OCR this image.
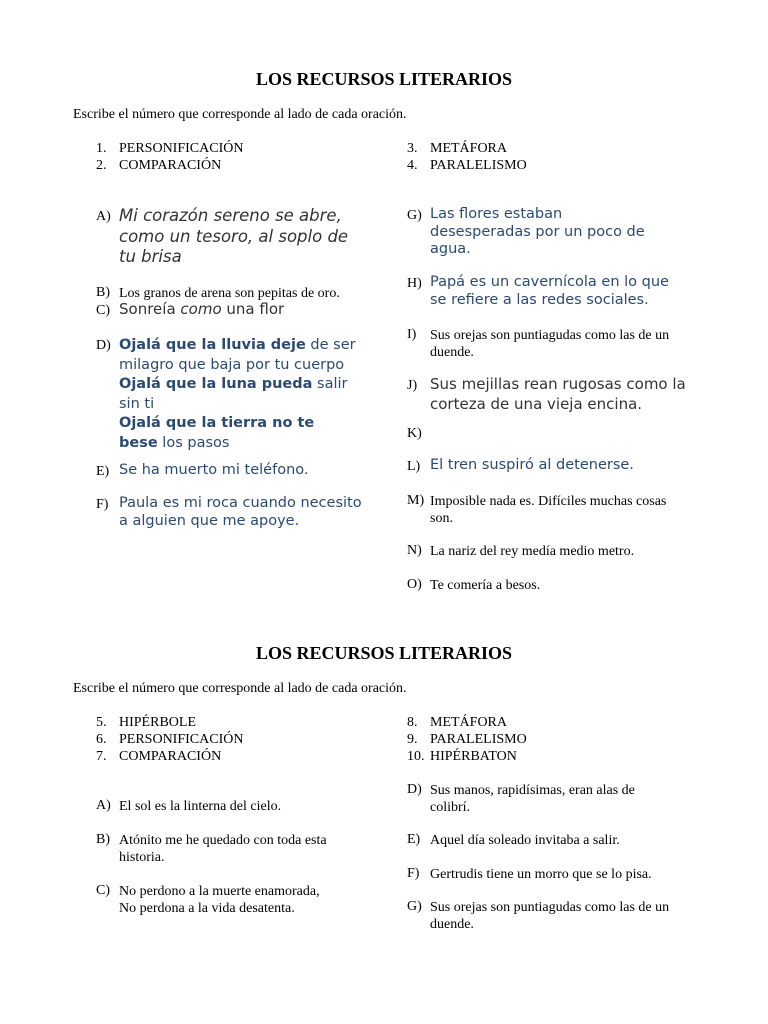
LOS RECURSOS LITERARIOS
Escribe el número que corresponde al lado de cada oración.
1. PERSONIFICACIÓN
2. COMPARACIÓN
3. METÁFORA
4. PARALELISMO
A) Mi corazón sereno se abre,
como un tesoro, al soplo de
tu brisa
B) Los granos de arena son pepitas de oro.
C) Sonreía como una flor
D) Ojalá que la lluvia deje de ser
milagro que baja por tu cuerpo
Ojalá que la luna pueda salir
sin ti
Ojalá que la tierra no te
bese los pasos
E) Se ha muerto mi teléfono.
F) Paula es mi roca cuando necesito
a alguien que me apoye.
G) Las flores estaban
desesperadas por un poco de
agua.
H) Papá es un cavernícola en lo que
se refiere a las redes sociales.
I) Sus orejas son puntiagudas como las de un
duende.
J) Sus mejillas rean rugosas como la
corteza de una vieja encina.
K)
L) El tren suspiró al detenerse.
M) Imposible nada es. Difíciles muchas cosas
son.
N) La nariz del rey medía medio metro.
O) Te comería a besos.
LOS RECURSOS LITERARIOS
Escribe el número que corresponde al lado de cada oración.
5. HIPÉRBOLE
6. PERSONIFICACIÓN
7. COMPARACIÓN
8. METÁFORA
9. PARALELISMO
10. HIPÉRBATON
A) El sol es la linterna del cielo.
B) Atónito me he quedado con toda esta
historia.
C) No perdono a la muerte enamorada,
No perdona a la vida desatenta.
D) Sus manos, rapidísimas, eran alas de
colibrí.
E) Aquel día soleado invitaba a salir.
F) Gertrudis tiene un morro que se lo pisa.
G) Sus orejas son puntiagudas como las de un
duende.
